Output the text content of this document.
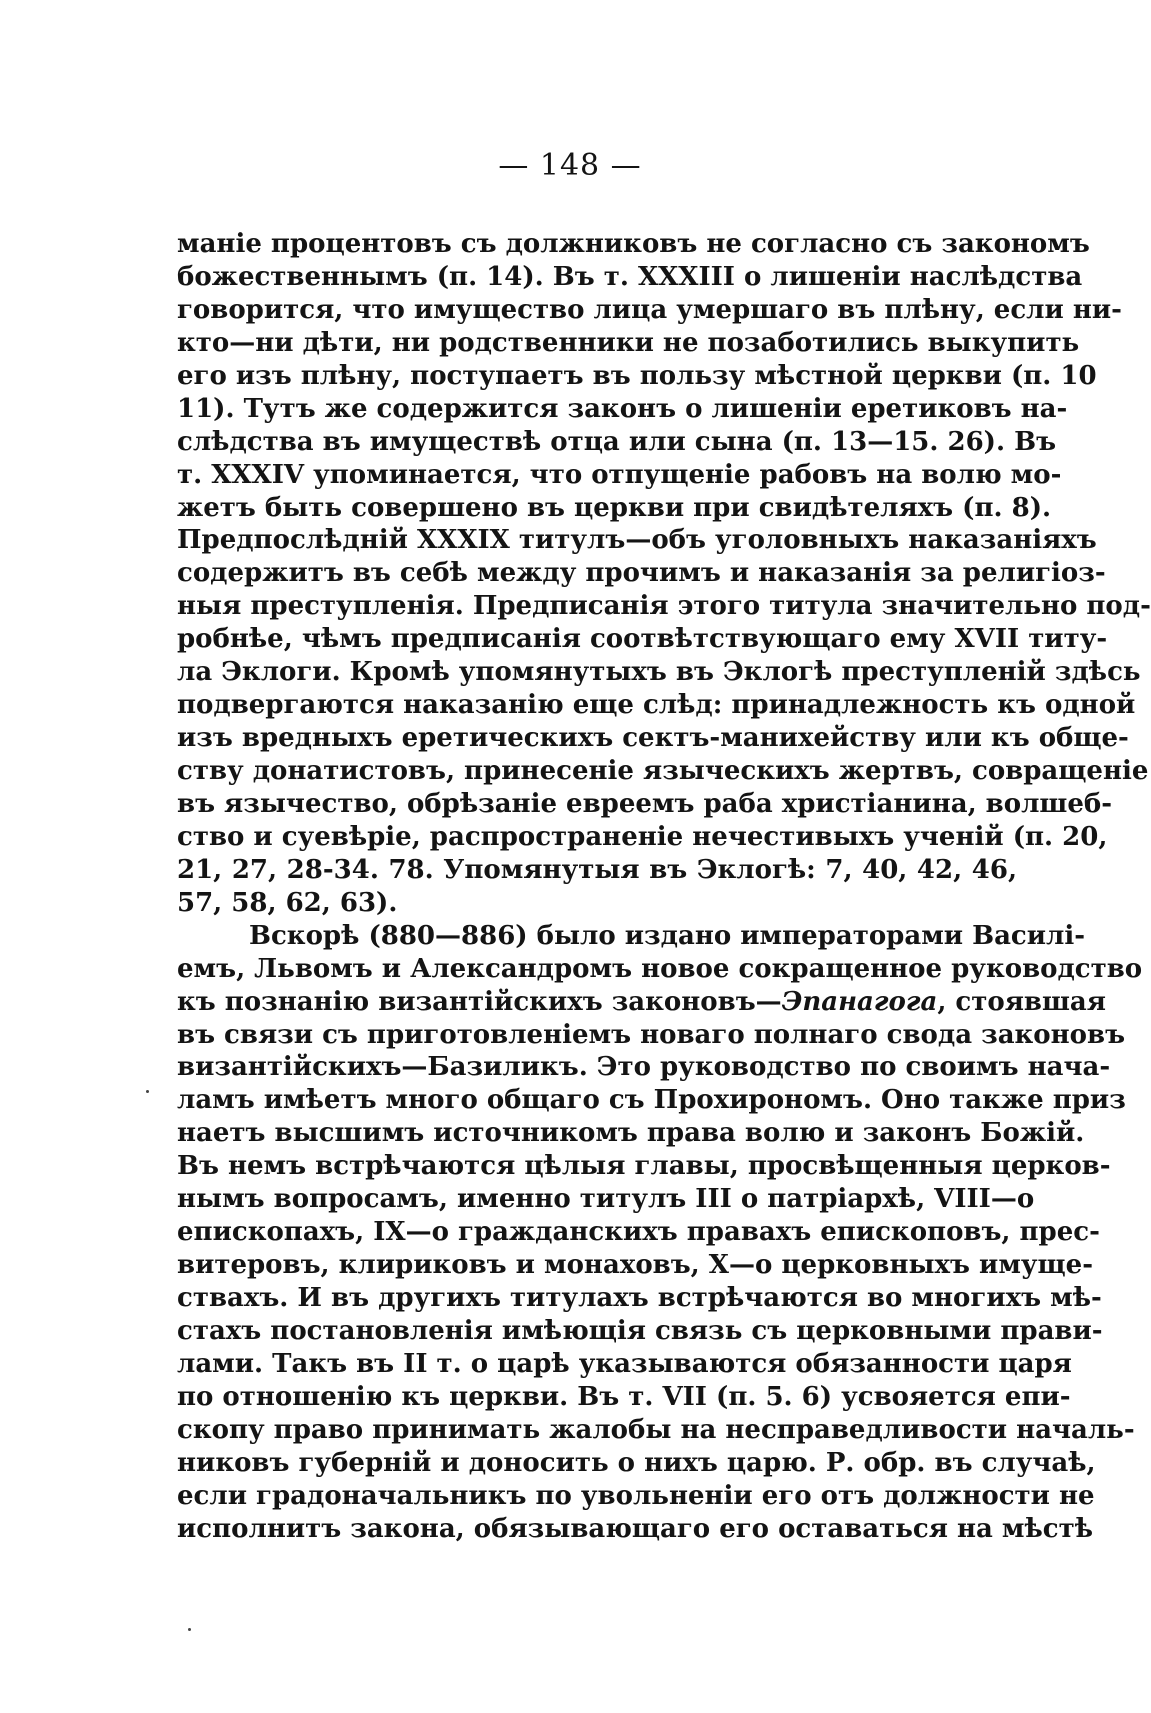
— 148 —
маніе процентовъ съ должниковъ не согласно съ закономъ
божественнымъ (п. 14). Въ т. XXXIII о лишеніи наслѣдства
говорится, что имущество лица умершаго въ плѣну, если ни-
кто—ни дѣти, ни родственники не позаботились выкупить
его изъ плѣну, поступаетъ въ пользу мѣстной церкви (п. 10
11). Тутъ же содержится законъ о лишеніи еретиковъ на-
слѣдства въ имуществѣ отца или сына (п. 13—15. 26). Въ
т. XXXIV упоминается, что отпущеніе рабовъ на волю мо-
жетъ быть совершено въ церкви при свидѣтеляхъ (п. 8).
Предпослѣдній XXXIX титулъ—объ уголовныхъ наказаніяхъ
содержитъ въ себѣ между прочимъ и наказанія за религіоз-
ныя преступленія. Предписанія этого титула значительно под-
робнѣе, чѣмъ предписанія соотвѣтствующаго ему XVII титу-
ла Эклоги. Кромѣ упомянутыхъ въ Эклогѣ преступленій здѣсь
подвергаются наказанію еще слѣд: принадлежность къ одной
изъ вредныхъ еретическихъ сектъ-манихейству или къ обще-
ству донатистовъ, принесеніе языческихъ жертвъ, совращеніе
въ язычество, обрѣзаніе евреемъ раба христіанина, волшеб-
ство и суевѣріе, распространеніе нечестивыхъ ученій (п. 20,
21, 27, 28-34. 78. Упомянутыя въ Эклогѣ: 7, 40, 42, 46,
57, 58, 62, 63).
Вскорѣ (880—886) было издано императорами Василі-
емъ, Львомъ и Александромъ новое сокращенное руководство
къ познанію византійскихъ законовъ—Эпанагога, стоявшая
въ связи съ приготовленіемъ новаго полнаго свода законовъ
византійскихъ—Базиликъ. Это руководство по своимъ нача-
ламъ имѣетъ много общаго съ Прохирономъ. Оно также приз
наетъ высшимъ источникомъ права волю и законъ Божій.
Въ немъ встрѣчаются цѣлыя главы, просвѣщенныя церков-
нымъ вопросамъ, именно титулъ III о патріархѣ, VIII—о
епископахъ, IX—о гражданскихъ правахъ епископовъ, прес-
витеровъ, клириковъ и монаховъ, X—о церковныхъ имуще-
ствахъ. И въ другихъ титулахъ встрѣчаются во многихъ мѣ-
стахъ постановленія имѣющія связь съ церковными прави-
лами. Такъ въ II т. о царѣ указываются обязанности царя
по отношенію къ церкви. Въ т. VII (п. 5. 6) усвояется епи-
скопу право принимать жалобы на несправедливости началь-
никовъ губерній и доносить о нихъ царю. Р. обр. въ случаѣ,
если градоначальникъ по увольненіи его отъ должности не
исполнитъ закона, обязывающаго его оставаться на мѣстѣ
